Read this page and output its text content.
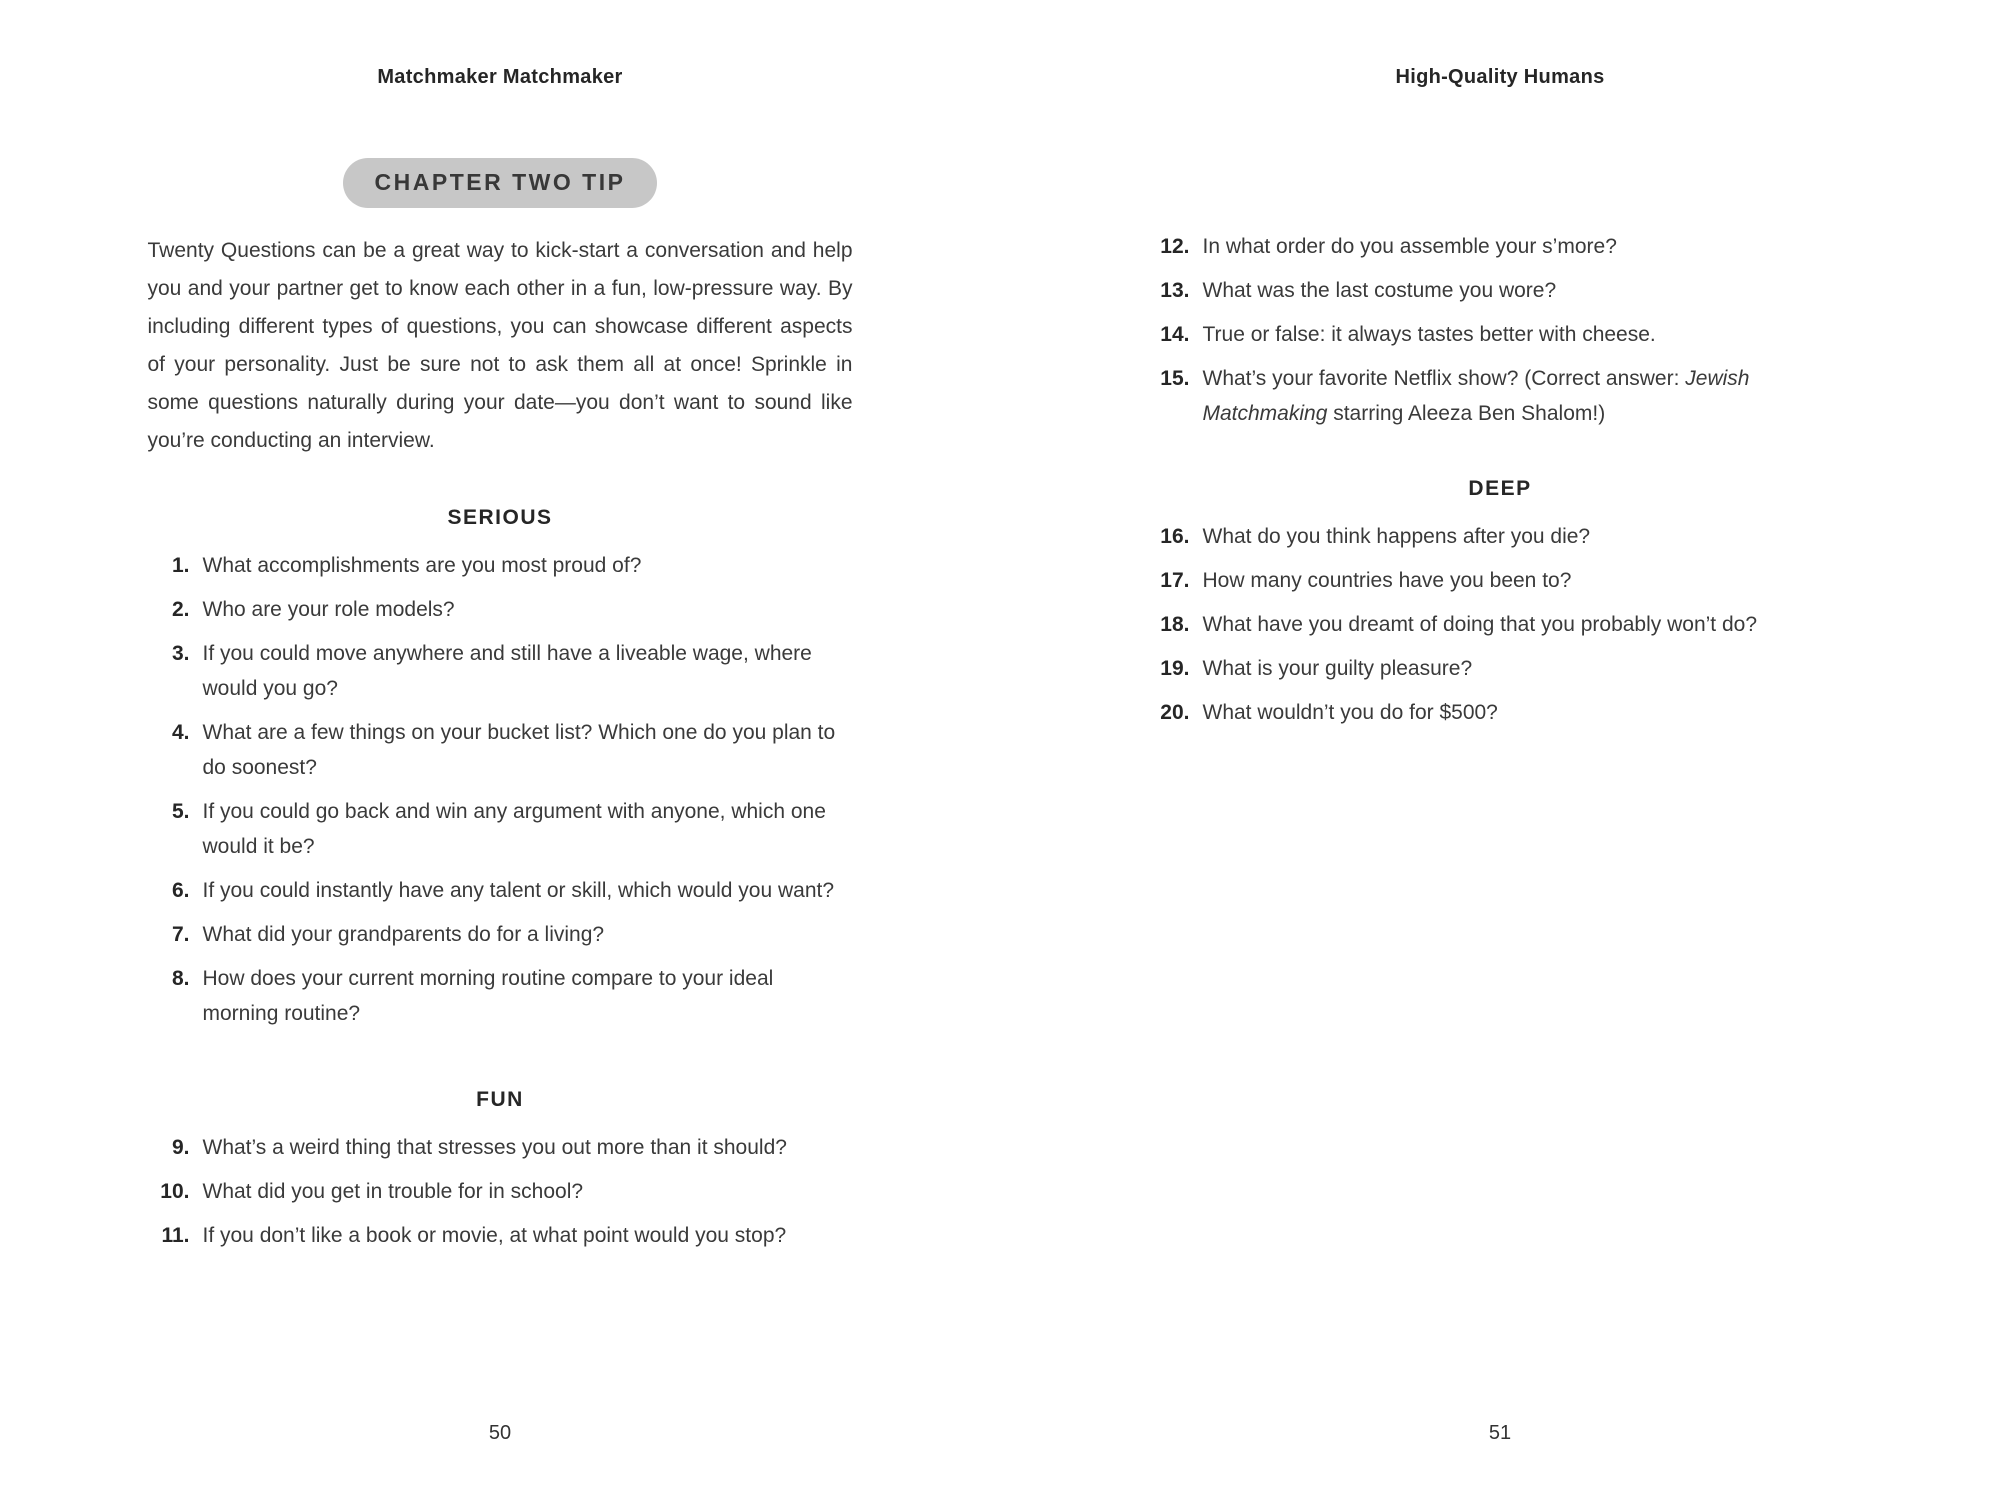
Matchmaker Matchmaker
CHAPTER TWO TIP

Twenty Questions can be a great way to kick-start a conversation and help you and your partner get to know each other in a fun, low-pressure way. By including different types of questions, you can showcase different aspects of your personality. Just be sure not to ask them all at once! Sprinkle in some questions naturally during your date—you don’t want to sound like you’re conducting an interview.

SERIOUS
1. What accomplishments are you most proud of?
2. Who are your role models?
3. If you could move anywhere and still have a liveable wage, where would you go?
4. What are a few things on your bucket list? Which one do you plan to do soonest?
5. If you could go back and win any argument with anyone, which one would it be?
6. If you could instantly have any talent or skill, which would you want?
7. What did your grandparents do for a living?
8. How does your current morning routine compare to your ideal morning routine?
FUN
9. What’s a weird thing that stresses you out more than it should?
10. What did you get in trouble for in school?
11. If you don’t like a book or movie, at what point would you stop?
50
High-Quality Humans
12. In what order do you assemble your s’more?
13. What was the last costume you wore?
14. True or false: it always tastes better with cheese.
15. What’s your favorite Netflix show? (Correct answer: Jewish Matchmaking starring Aleeza Ben Shalom!)
DEEP
16. What do you think happens after you die?
17. How many countries have you been to?
18. What have you dreamt of doing that you probably won’t do?
19. What is your guilty pleasure?
20. What wouldn’t you do for $500?
51
